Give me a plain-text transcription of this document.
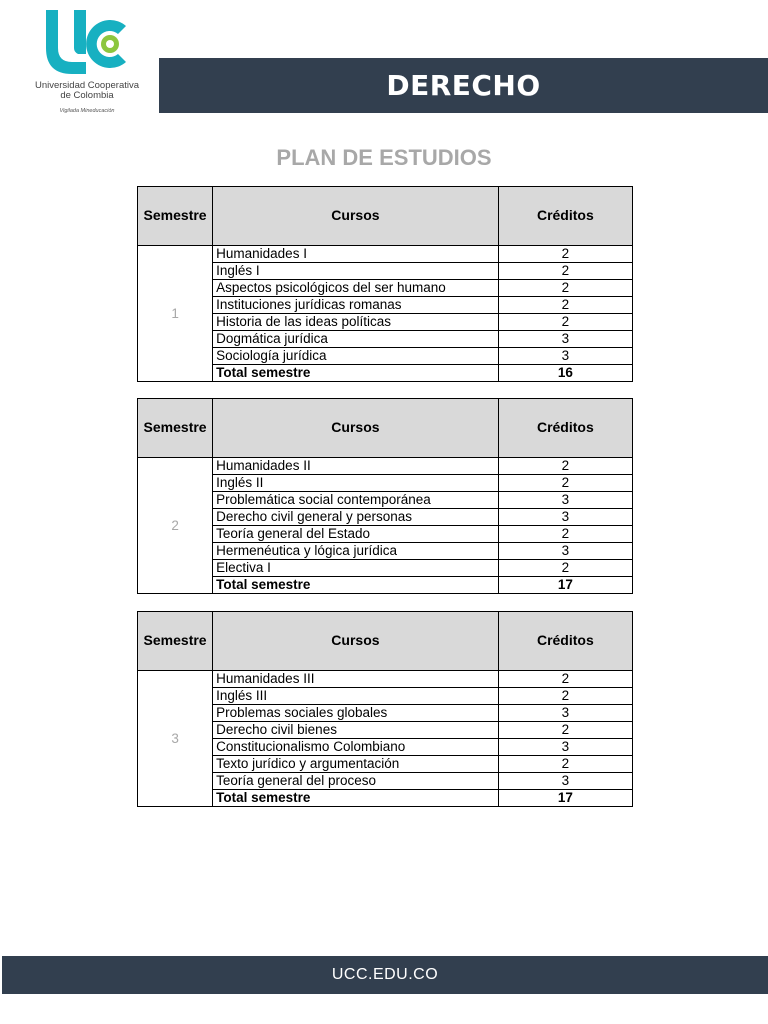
Universidad Cooperativa
de Colombia
Vigilada Mineducación
DERECHO
PLAN DE ESTUDIOS
Semestre	Cursos	Créditos
1	Humanidades I	2
	Inglés I	2
	Aspectos psicológicos del ser humano	2
	Instituciones jurídicas romanas	2
	Historia de las ideas políticas	2
	Dogmática jurídica	3
	Sociología jurídica	3
	Total semestre	16
Semestre	Cursos	Créditos
2	Humanidades II	2
	Inglés II	2
	Problemática social contemporánea	3
	Derecho civil general y personas	3
	Teoría general del Estado	2
	Hermenéutica y lógica jurídica	3
	Electiva I	2
	Total semestre	17
Semestre	Cursos	Créditos
3	Humanidades III	2
	Inglés III	2
	Problemas sociales globales	3
	Derecho civil bienes	2
	Constitucionalismo Colombiano	3
	Texto jurídico y argumentación	2
	Teoría general del proceso	3
	Total semestre	17
UCC.EDU.CO
